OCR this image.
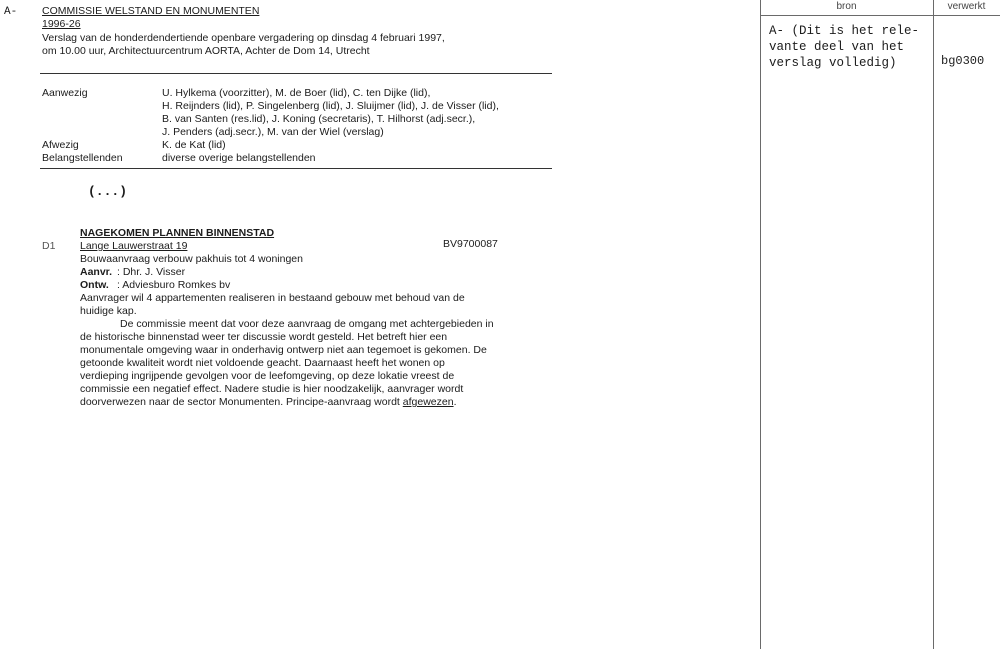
bron	verwerkt
A- (Dit is het rele-
vante deel van het
verslag volledig)	bg0300
A- COMMISSIE WELSTAND EN MONUMENTEN
1996-26
Verslag van de honderdendertiende openbare vergadering op dinsdag 4 februari 1997,
om 10.00 uur, Architectuurcentrum AORTA, Achter de Dom 14, Utrecht
Aanwezig	U. Hylkema (voorzitter), M. de Boer (lid), C. ten Dijke (lid),
H. Reijnders (lid), P. Singelenberg (lid), J. Sluijmer (lid), J. de Visser (lid),
B. van Santen (res.lid), J. Koning (secretaris), T. Hilhorst (adj.secr.),
J. Penders (adj.secr.), M. van der Wiel (verslag)
Afwezig	K. de Kat (lid)
Belangstellenden	diverse overige belangstellenden
(...)
NAGEKOMEN PLANNEN BINNENSTAD
D1 Lange Lauwerstraat 19	BV9700087
Bouwaanvraag verbouw pakhuis tot 4 woningen
Aanvr. : Dhr. J. Visser
Ontw. : Adviesburo Romkes bv
Aanvrager wil 4 appartementen realiseren in bestaand gebouw met behoud van de
huidige kap.
De commissie meent dat voor deze aanvraag de omgang met achtergebieden in
de historische binnenstad weer ter discussie wordt gesteld. Het betreft hier een
monumentale omgeving waar in onderhavig ontwerp niet aan tegemoet is gekomen. De
getoonde kwaliteit wordt niet voldoende geacht. Daarnaast heeft het wonen op
verdieping ingrijpende gevolgen voor de leefomgeving, op deze lokatie vreest de
commissie een negatief effect. Nadere studie is hier noodzakelijk, aanvrager wordt
doorverwezen naar de sector Monumenten. Principe-aanvraag wordt afgewezen.
